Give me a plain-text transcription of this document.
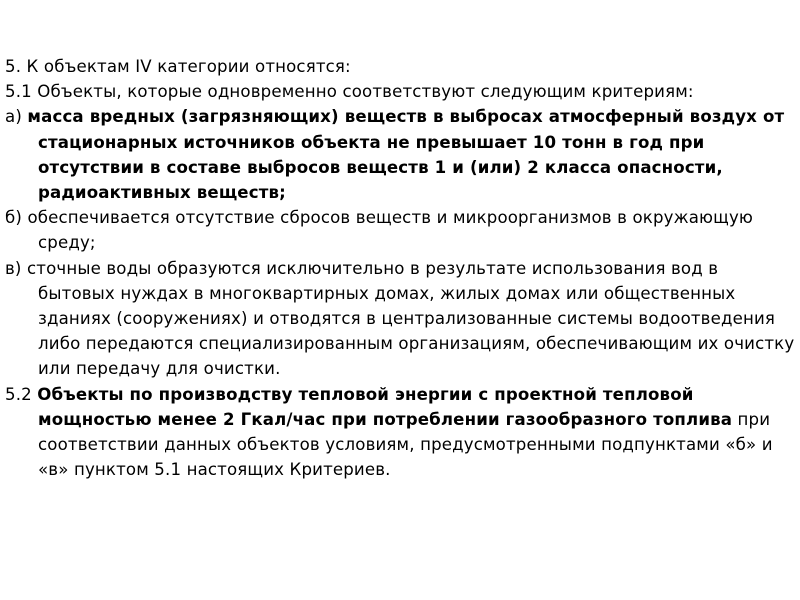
5. К объектам IV категории относятся:

5.1 Объекты, которые одновременно соответствуют следующим критериям:

а) масса вредных (загрязняющих) веществ в выбросах атмосферный воздух от стационарных источников объекта не превышает 10 тонн в год при отсутствии в составе выбросов веществ 1 и (или) 2 класса опасности, радиоактивных веществ;

б) обеспечивается отсутствие сбросов веществ и микроорганизмов в окружающую среду;

в) сточные воды образуются исключительно в результате использования вод в бытовых нуждах в многоквартирных домах, жилых домах или общественных зданиях (сооружениях) и отводятся в централизованные системы водоотведения либо передаются специализированным организациям, обеспечивающим их очистку или передачу для очистки.

5.2 Объекты по производству тепловой энергии с проектной тепловой мощностью менее 2 Гкал/час при потреблении газообразного топлива при соответствии данных объектов условиям, предусмотренными подпунктами «б» и «в» пунктом 5.1 настоящих Критериев.
